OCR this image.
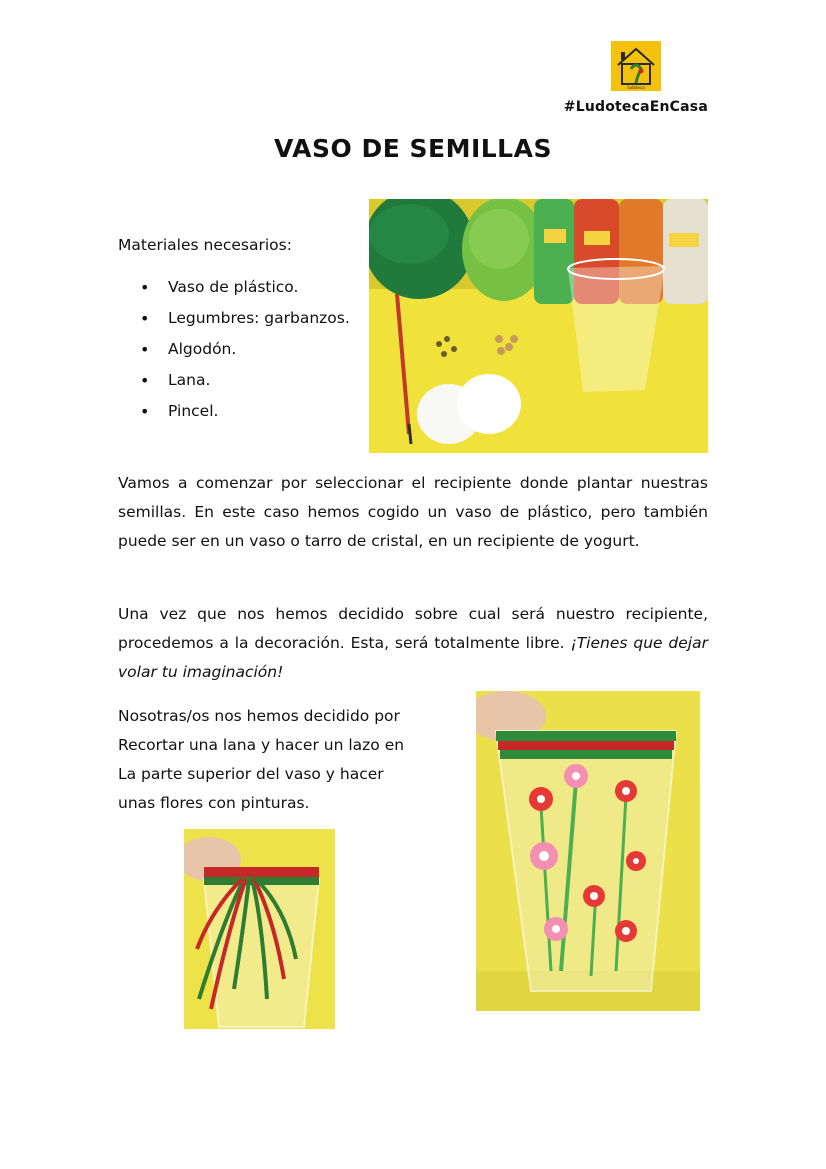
ludoteca
#LudotecaEnCasa
VASO DE SEMILLAS
Materiales necesarios:
• Vaso de plástico.
• Legumbres: garbanzos.
• Algodón.
• Lana.
• Pincel.
Vamos a comenzar por seleccionar el recipiente donde plantar nuestras semillas. En este caso hemos cogido un vaso de plástico, pero también puede ser en un vaso o tarro de cristal, en un recipiente de yogurt.
Una vez que nos hemos decidido sobre cual será nuestro recipiente, procedemos a la decoración. Esta, será totalmente libre. ¡Tienes que dejar volar tu imaginación!
Nosotras/os nos hemos decidido por
Recortar una lana y hacer un lazo en
La parte superior del vaso y hacer
unas flores con pinturas.
